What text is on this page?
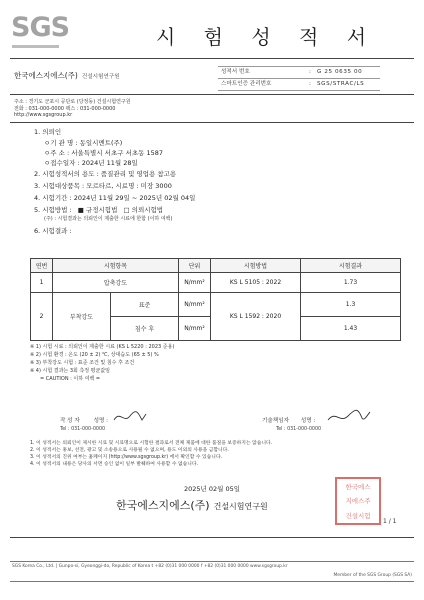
SGS	시 험 성 적 서
한국에스지에스(주) 건설시험연구원
성적서 번호	:	G 25 0635 00
스마트인증 관리번호	:	SGS/STRAC/LS
주소 : 경기도 군포시 공단로 (당정동) 건설시험연구원
전화 : 031-000-0000 팩스 : 031-000-0000
http://www.sgsgroup.kr
1. 의뢰인
ㅇ기 관 명 : 동일시멘트(주)
ㅇ주 소 : 서울특별시 서초구 서초동 1587
ㅇ접수일자 : 2024년 11월 28일
2. 시험성적서의 용도 : 품질관리 및 영업용 참고용
3. 시험대상품목 : 모르타르, 시료명 : 미장 3000
4. 시험기간 : 2024년 11월 29일 ~ 2025년 02월 04일
5. 시험방법 : ■ 규정시험법 □ 의뢰시험법
(주) : 시험결과는 의뢰인이 제출한 시료에 한함 (이하 여백)
6. 시험결과 :
연번	시험항목		단위	시험방법	시험결과
1	압축강도		N/mm²	KS L 5105 : 2022	1.73
2	부착강도	표준	N/mm²	KS L 1592 : 2020	1.3
		침수 후	N/mm²		1.43
※ 1) 시험 시료 : 의뢰인이 제출한 시료 (KS L 5220 : 2023 준용)
※ 2) 시험 환경 : 온도 (20 ± 2) ℃, 상대습도 (65 ± 5) %
※ 3) 부착강도 시험 : 표준 조건 및 침수 후 조건
※ 4) 시험 결과는 3회 측정 평균값임
= CAUTION : 이하 여백 =
작 성 자 성명 :
Tel : 031-000-0000
기술책임자 성명 :
Tel : 031-000-0000
1. 이 성적서는 의뢰인이 제시한 시료 및 시료명으로 시험한 결과로서 전체 제품에 대한 품질을 보증하지는 않습니다.
2. 이 성적서는 홍보, 선전, 광고 및 소송용으로 사용될 수 없으며, 용도 이외의 사용을 금합니다.
3. 이 성적서의 진위 여부는 홈페이지 (http://www.sgsgroup.kr) 에서 확인할 수 있습니다.
4. 이 성적서의 내용은 당사의 서면 승인 없이 일부 발췌하여 사용할 수 없습니다.
2025년 02월 05일
한국에스지에스(주) 건설시험연구원
한국에스
지에스주
건설시험
1 / 1
SGS Korea Co., Ltd. | Gunpo-si, Gyeonggi-do, Republic of Korea t +82 (0)31 000 0000 f +82 (0)31 000 0000 www.sgsgroup.kr
Member of the SGS Group (SGS SA)
